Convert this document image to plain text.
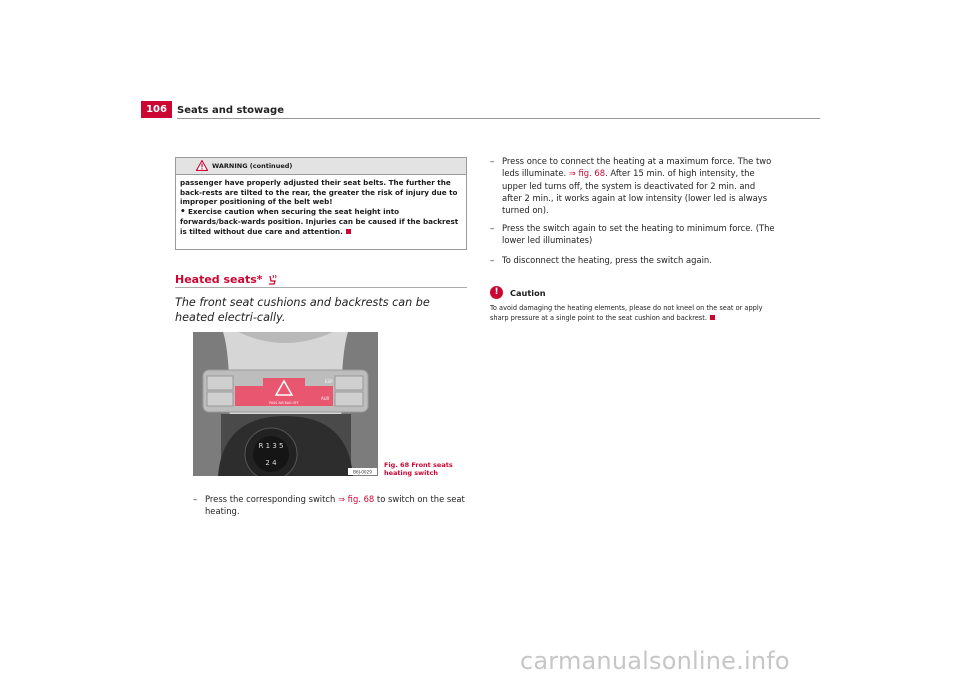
106	Seats and stowage
WARNING (continued)

passenger have properly adjusted their seat belts. The further the back-rests are tilted to the rear, the greater the risk of injury due to improper positioning of the belt web!

• Exercise caution when securing the seat height into forwards/back-wards position. Injuries can be caused if the backrest is tilted without due care and attention.

Heated seats*
The front seat cushions and backrests can be heated electri-cally.
PASS AIR BAG OFF
ESP
AUX
R 1 3 5
2 4
B6J-0029
Fig. 68 Front seats
heating switch
– Press the corresponding switch ⇒ fig. 68 to switch on the seat heating.
– Press once to connect the heating at a maximum force. The two leds illuminate. ⇒ fig. 68. After 15 min. of high intensity, the upper led turns off, the system is deactivated for 2 min. and after 2 min., it works again at low intensity (lower led is always turned on).
– Press the switch again to set the heating to minimum force. (The lower led illuminates)
– To disconnect the heating, press the switch again.
!	Caution
To avoid damaging the heating elements, please do not kneel on the seat or apply sharp pressure at a single point to the seat cushion and backrest.
carmanualsonline.info
